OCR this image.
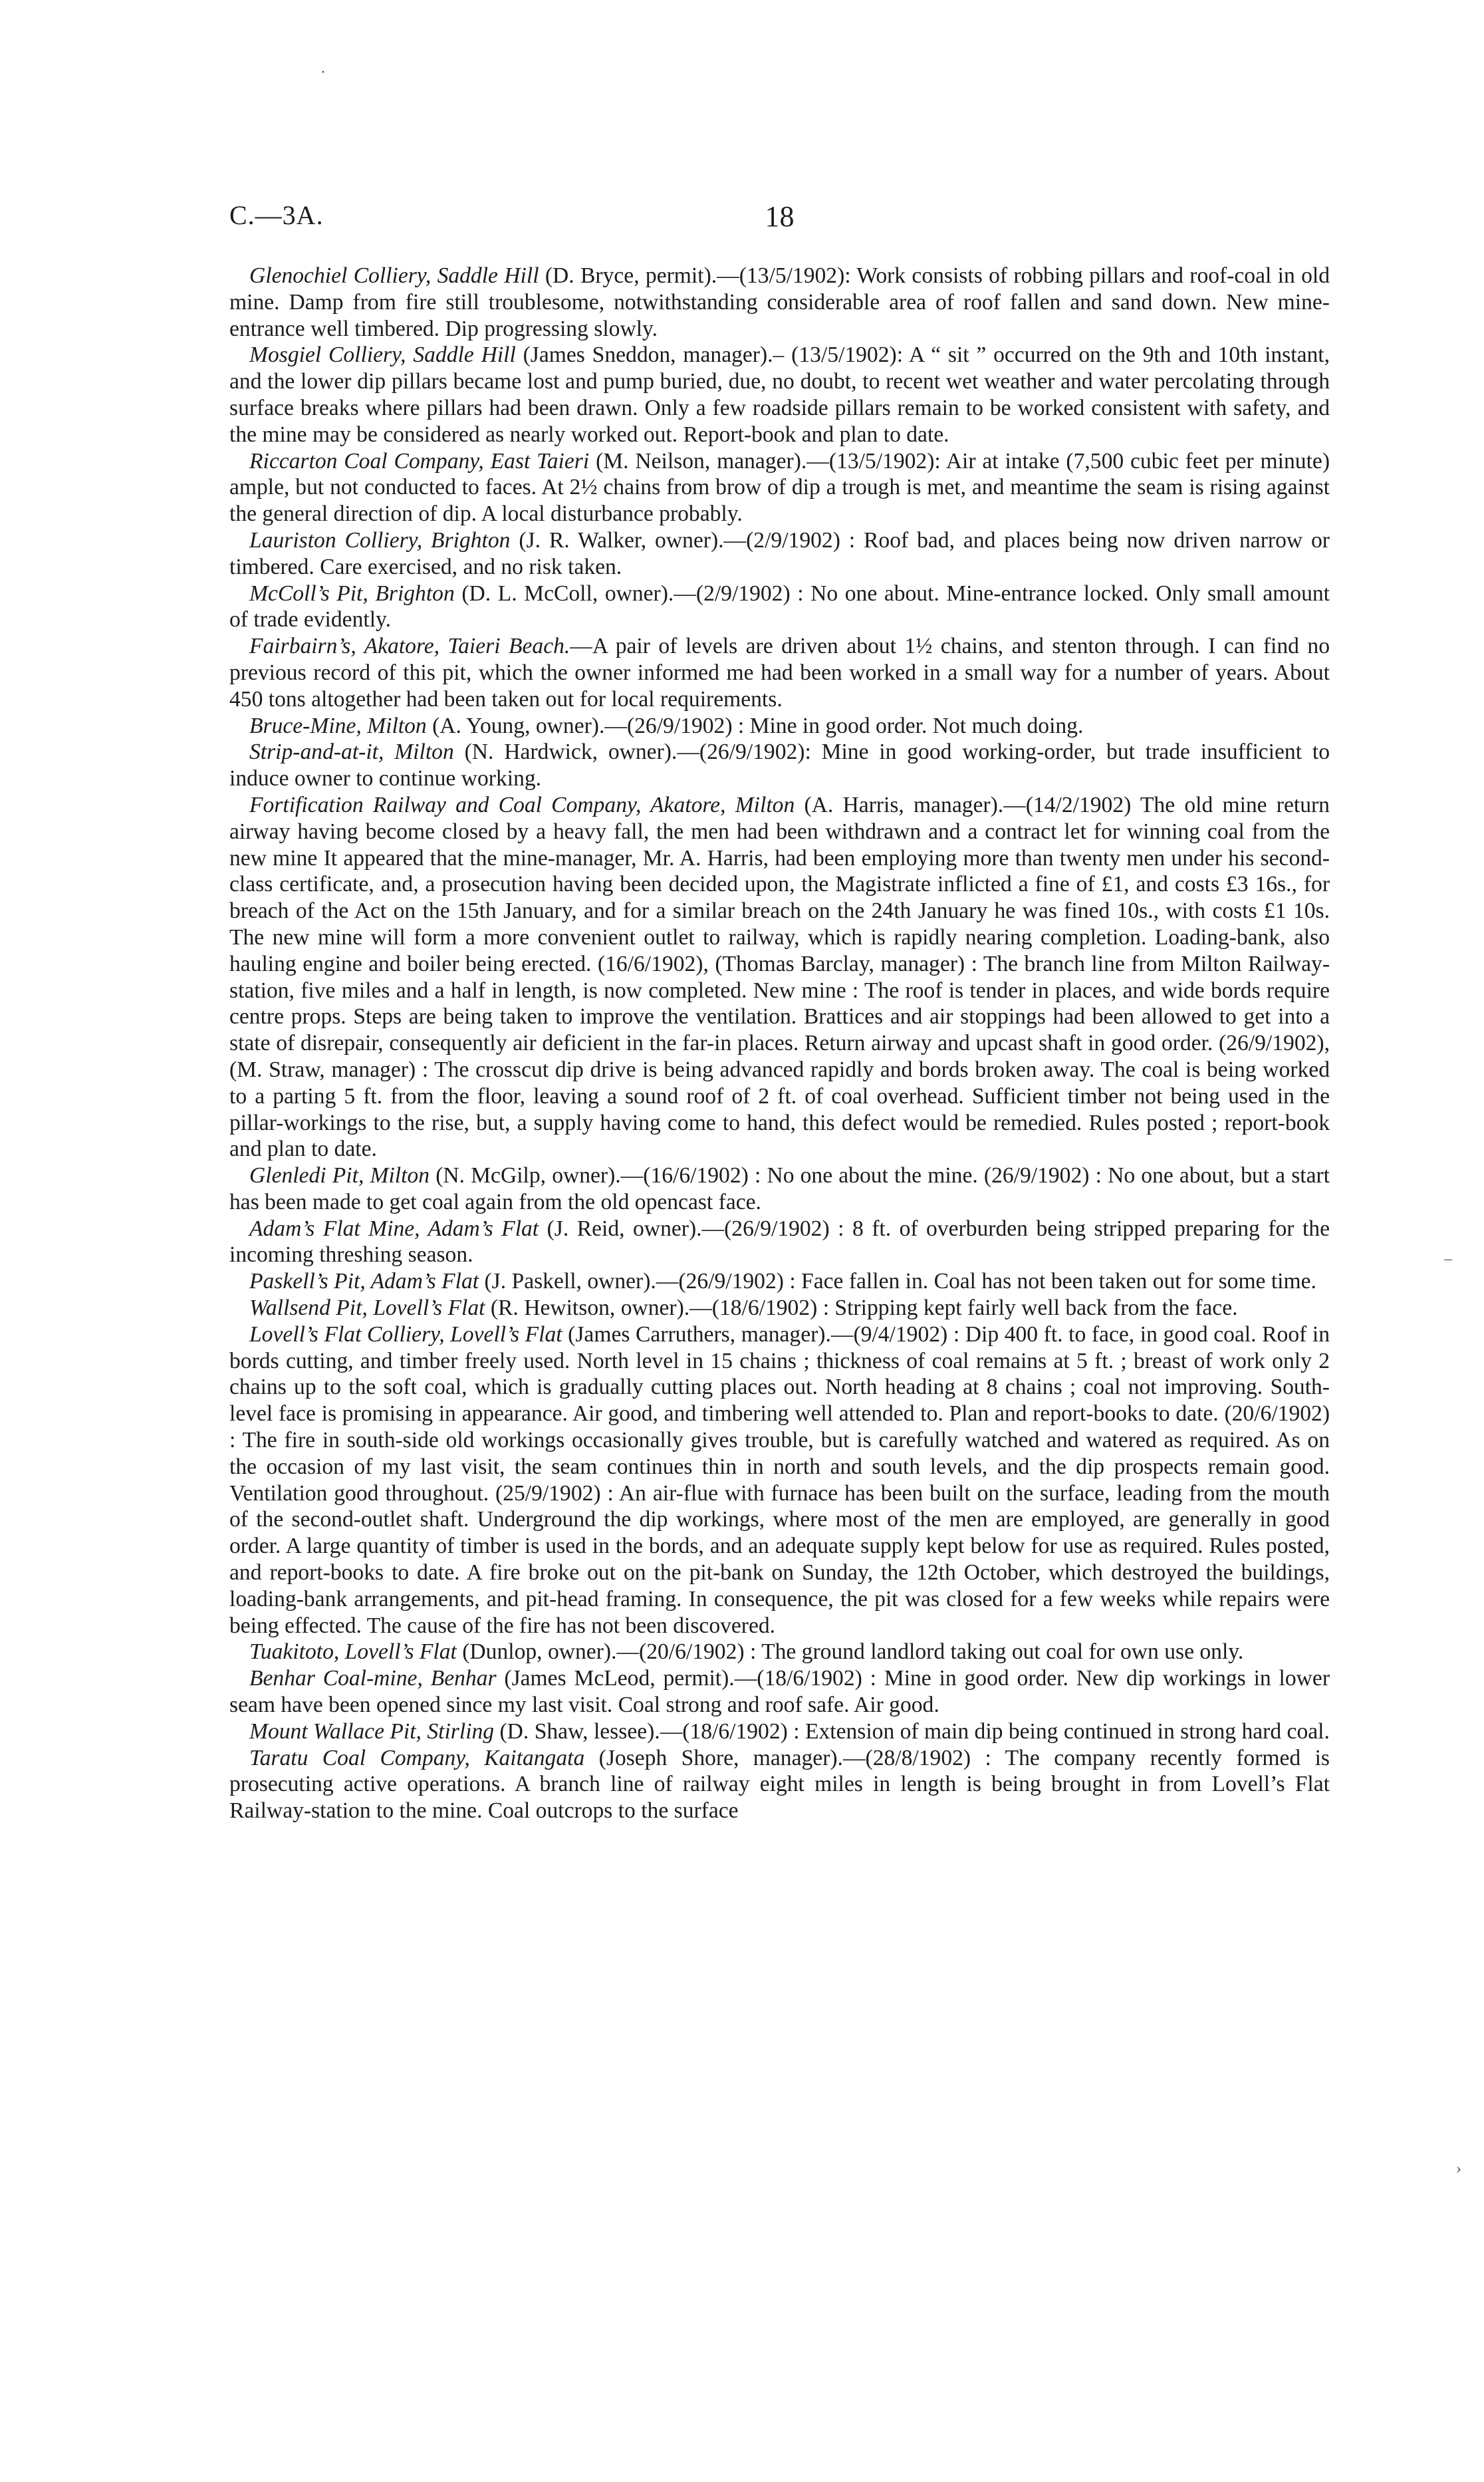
C.—3A.	18

Glenochiel Colliery, Saddle Hill (D. Bryce, permit).—(13/5/1902): Work consists of robbing pillars and roof-coal in old mine. Damp from fire still troublesome, notwithstanding considerable area of roof fallen and sand down. New mine-entrance well timbered. Dip progressing slowly.

Mosgiel Colliery, Saddle Hill (James Sneddon, manager).– (13/5/1902): A “ sit ” occurred on the 9th and 10th instant, and the lower dip pillars became lost and pump buried, due, no doubt, to recent wet weather and water percolating through surface breaks where pillars had been drawn. Only a few roadside pillars remain to be worked consistent with safety, and the mine may be considered as nearly worked out. Report-book and plan to date.

Riccarton Coal Company, East Taieri (M. Neilson, manager).—(13/5/1902): Air at intake (7,500 cubic feet per minute) ample, but not conducted to faces. At 2½ chains from brow of dip a trough is met, and meantime the seam is rising against the general direction of dip. A local disturbance probably.

Lauriston Colliery, Brighton (J. R. Walker, owner).—(2/9/1902) : Roof bad, and places being now driven narrow or timbered. Care exercised, and no risk taken.

McColl’s Pit, Brighton (D. L. McColl, owner).—(2/9/1902) : No one about. Mine-entrance locked. Only small amount of trade evidently.

Fairbairn’s, Akatore, Taieri Beach.—A pair of levels are driven about 1½ chains, and stenton through. I can find no previous record of this pit, which the owner informed me had been worked in a small way for a number of years. About 450 tons altogether had been taken out for local requirements.

Bruce-Mine, Milton (A. Young, owner).—(26/9/1902) : Mine in good order. Not much doing.

Strip-and-at-it, Milton (N. Hardwick, owner).—(26/9/1902): Mine in good working-order, but trade insufficient to induce owner to continue working.

Fortification Railway and Coal Company, Akatore, Milton (A. Harris, manager).—(14/2/1902) The old mine return airway having become closed by a heavy fall, the men had been withdrawn and a contract let for winning coal from the new mine It appeared that the mine-manager, Mr. A. Harris, had been employing more than twenty men under his second-class certificate, and, a prosecution having been decided upon, the Magistrate inflicted a fine of £1, and costs £3 16s., for breach of the Act on the 15th January, and for a similar breach on the 24th January he was fined 10s., with costs £1 10s. The new mine will form a more convenient outlet to railway, which is rapidly nearing completion. Loading-bank, also hauling engine and boiler being erected. (16/6/1902), (Thomas Barclay, manager) : The branch line from Milton Railway-station, five miles and a half in length, is now completed. New mine : The roof is tender in places, and wide bords require centre props. Steps are being taken to improve the ventilation. Brattices and air stoppings had been allowed to get into a state of disrepair, consequently air deficient in the far-in places. Return airway and upcast shaft in good order. (26/9/1902), (M. Straw, manager) : The crosscut dip drive is being advanced rapidly and bords broken away. The coal is being worked to a parting 5 ft. from the floor, leaving a sound roof of 2 ft. of coal overhead. Sufficient timber not being used in the pillar-workings to the rise, but, a supply having come to hand, this defect would be remedied. Rules posted ; report-book and plan to date.

Glenledi Pit, Milton (N. McGilp, owner).—(16/6/1902) : No one about the mine. (26/9/1902) : No one about, but a start has been made to get coal again from the old opencast face.

Adam’s Flat Mine, Adam’s Flat (J. Reid, owner).—(26/9/1902) : 8 ft. of overburden being stripped preparing for the incoming threshing season.

Paskell’s Pit, Adam’s Flat (J. Paskell, owner).—(26/9/1902) : Face fallen in. Coal has not been taken out for some time.

Wallsend Pit, Lovell’s Flat (R. Hewitson, owner).—(18/6/1902) : Stripping kept fairly well back from the face.

Lovell’s Flat Colliery, Lovell’s Flat (James Carruthers, manager).—(9/4/1902) : Dip 400 ft. to face, in good coal. Roof in bords cutting, and timber freely used. North level in 15 chains ; thickness of coal remains at 5 ft. ; breast of work only 2 chains up to the soft coal, which is gradually cutting places out. North heading at 8 chains ; coal not improving. South-level face is promising in appearance. Air good, and timbering well attended to. Plan and report-books to date. (20/6/1902) : The fire in south-side old workings occasionally gives trouble, but is carefully watched and watered as required. As on the occasion of my last visit, the seam continues thin in north and south levels, and the dip prospects remain good. Ventilation good throughout. (25/9/1902) : An air-flue with furnace has been built on the surface, leading from the mouth of the second-outlet shaft. Underground the dip workings, where most of the men are employed, are generally in good order. A large quantity of timber is used in the bords, and an adequate supply kept below for use as required. Rules posted, and report-books to date. A fire broke out on the pit-bank on Sunday, the 12th October, which destroyed the buildings, loading-bank arrangements, and pit-head framing. In consequence, the pit was closed for a few weeks while repairs were being effected. The cause of the fire has not been discovered.

Tuakitoto, Lovell’s Flat (Dunlop, owner).—(20/6/1902) : The ground landlord taking out coal for own use only.

Benhar Coal-mine, Benhar (James McLeod, permit).—(18/6/1902) : Mine in good order. New dip workings in lower seam have been opened since my last visit. Coal strong and roof safe. Air good.

Mount Wallace Pit, Stirling (D. Shaw, lessee).—(18/6/1902) : Extension of main dip being continued in strong hard coal.

Taratu Coal Company, Kaitangata (Joseph Shore, manager).—(28/8/1902) : The company recently formed is prosecuting active operations. A branch line of railway eight miles in length is being brought in from Lovell’s Flat Railway-station to the mine. Coal outcrops to the surface

·
–
›
